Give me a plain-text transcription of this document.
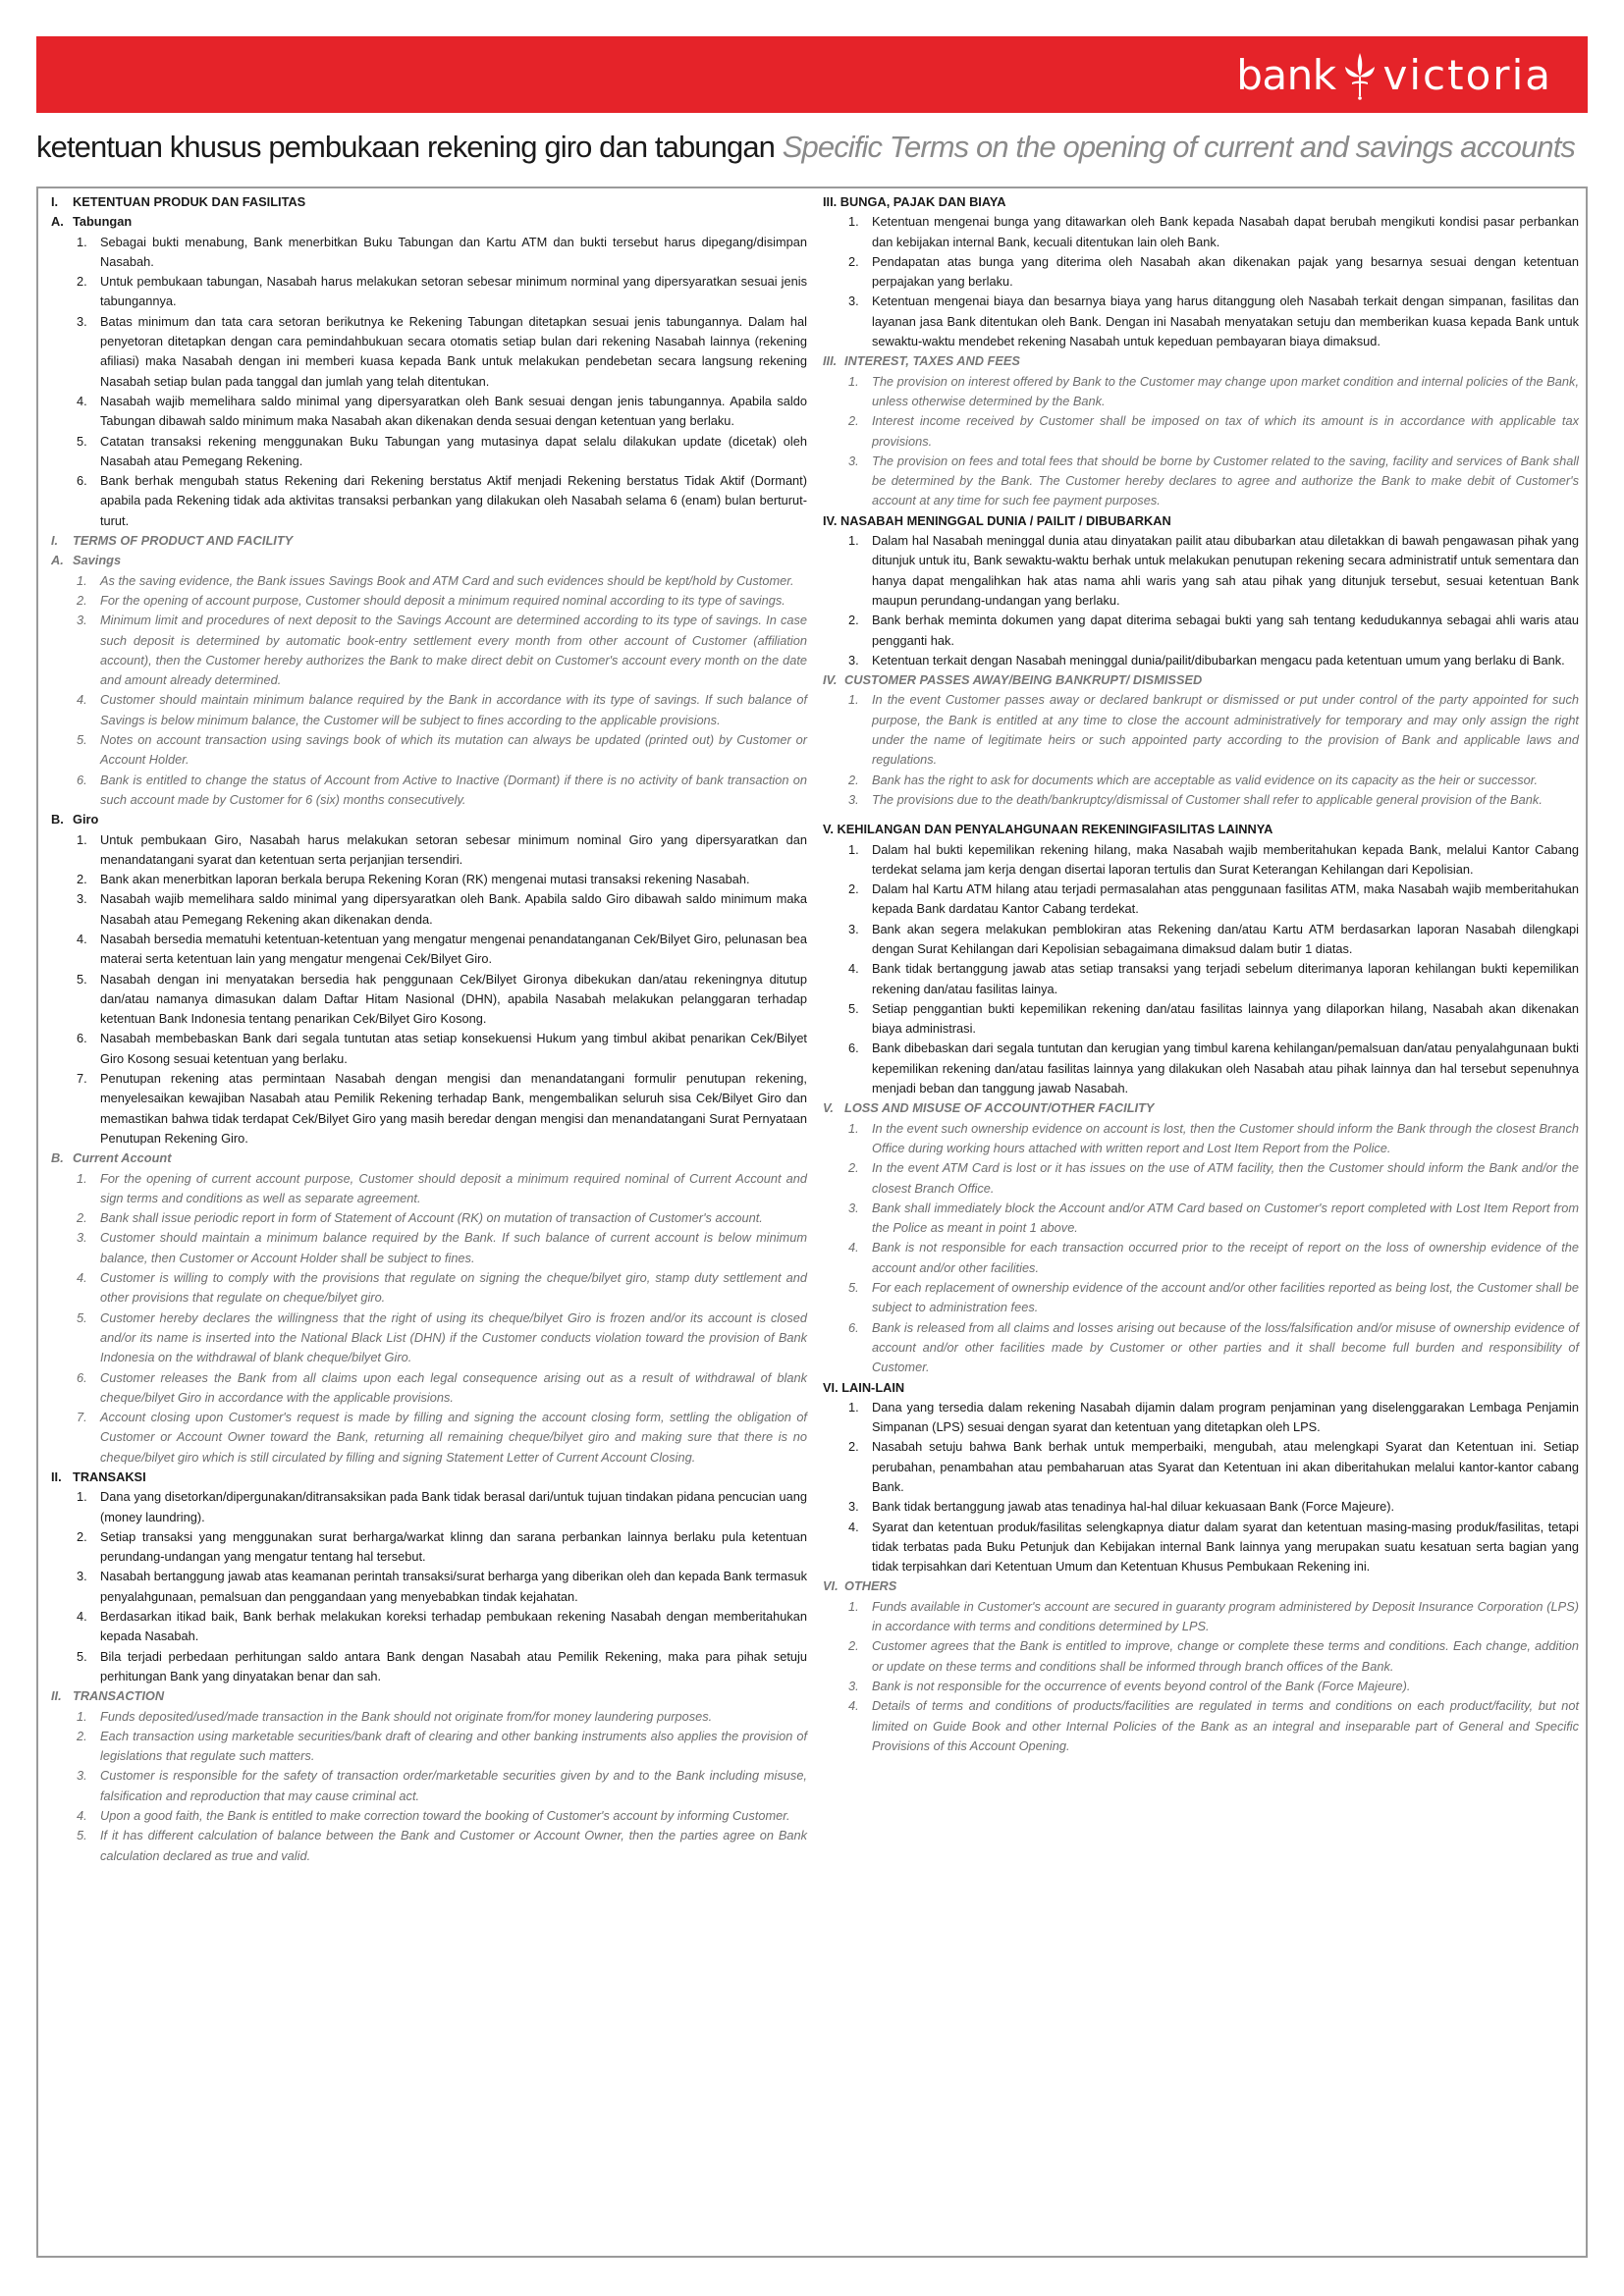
bank victoria
ketentuan khusus pembukaan rekening giro dan tabungan Specific Terms on the opening of current and savings accounts
I. KETENTUAN PRODUK DAN FASILITAS
A. Tabungan
1. Sebagai bukti menabung, Bank menerbitkan Buku Tabungan dan Kartu ATM dan bukti tersebut harus dipegang/disimpan Nasabah.
2. Untuk pembukaan tabungan, Nasabah harus melakukan setoran sebesar minimum norminal yang dipersyaratkan sesuai jenis tabungannya.
3. Batas minimum dan tata cara setoran berikutnya ke Rekening Tabungan ditetapkan sesuai jenis tabungannya. Dalam hal penyetoran ditetapkan dengan cara pemindahbukuan secara otomatis setiap bulan dari rekening Nasabah lainnya (rekening afiliasi) maka Nasabah dengan ini memberi kuasa kepada Bank untuk melakukan pendebetan secara langsung rekening Nasabah setiap bulan pada tanggal dan jumlah yang telah ditentukan.
4. Nasabah wajib memelihara saldo minimal yang dipersyaratkan oleh Bank sesuai dengan jenis tabungannya. Apabila saldo Tabungan dibawah saldo minimum maka Nasabah akan dikenakan denda sesuai dengan ketentuan yang berlaku.
5. Catatan transaksi rekening menggunakan Buku Tabungan yang mutasinya dapat selalu dilakukan update (dicetak) oleh Nasabah atau Pemegang Rekening.
6. Bank berhak mengubah status Rekening dari Rekening berstatus Aktif menjadi Rekening berstatus Tidak Aktif (Dormant) apabila pada Rekening tidak ada aktivitas transaksi perbankan yang dilakukan oleh Nasabah selama 6 (enam) bulan berturut-turut.
I. TERMS OF PRODUCT AND FACILITY
A. Savings
1. As the saving evidence, the Bank issues Savings Book and ATM Card and such evidences should be kept/hold by Customer.
2. For the opening of account purpose, Customer should deposit a minimum required nominal according to its type of savings.
3. Minimum limit and procedures of next deposit to the Savings Account are determined according to its type of savings. In case such deposit is determined by automatic book-entry settlement every month from other account of Customer (affiliation account), then the Customer hereby authorizes the Bank to make direct debit on Customer's account every month on the date and amount already determined.
4. Customer should maintain minimum balance required by the Bank in accordance with its type of savings. If such balance of Savings is below minimum balance, the Customer will be subject to fines according to the applicable provisions.
5. Notes on account transaction using savings book of which its mutation can always be updated (printed out) by Customer or Account Holder.
6. Bank is entitled to change the status of Account from Active to Inactive (Dormant) if there is no activity of bank transaction on such account made by Customer for 6 (six) months consecutively.
B. Giro
1. Untuk pembukaan Giro, Nasabah harus melakukan setoran sebesar minimum nominal Giro yang dipersyaratkan dan menandatangani syarat dan ketentuan serta perjanjian tersendiri.
2. Bank akan menerbitkan laporan berkala berupa Rekening Koran (RK) mengenai mutasi transaksi rekening Nasabah.
3. Nasabah wajib memelihara saldo minimal yang dipersyaratkan oleh Bank. Apabila saldo Giro dibawah saldo minimum maka Nasabah atau Pemegang Rekening akan dikenakan denda.
4. Nasabah bersedia mematuhi ketentuan-ketentuan yang mengatur mengenai penandatanganan Cek/Bilyet Giro, pelunasan bea materai serta ketentuan lain yang mengatur mengenai Cek/Bilyet Giro.
5. Nasabah dengan ini menyatakan bersedia hak penggunaan Cek/Bilyet Gironya dibekukan dan/atau rekeningnya ditutup dan/atau namanya dimasukan dalam Daftar Hitam Nasional (DHN), apabila Nasabah melakukan pelanggaran terhadap ketentuan Bank Indonesia tentang penarikan Cek/Bilyet Giro Kosong.
6. Nasabah membebaskan Bank dari segala tuntutan atas setiap konsekuensi Hukum yang timbul akibat penarikan Cek/Bilyet Giro Kosong sesuai ketentuan yang berlaku.
7. Penutupan rekening atas permintaan Nasabah dengan mengisi dan menandatangani formulir penutupan rekening, menyelesaikan kewajiban Nasabah atau Pemilik Rekening terhadap Bank, mengembalikan seluruh sisa Cek/Bilyet Giro dan memastikan bahwa tidak terdapat Cek/Bilyet Giro yang masih beredar dengan mengisi dan menandatangani Surat Pernyataan Penutupan Rekening Giro.
B. Current Account
1. For the opening of current account purpose, Customer should deposit a minimum required nominal of Current Account and sign terms and conditions as well as separate agreement.
2. Bank shall issue periodic report in form of Statement of Account (RK) on mutation of transaction of Customer's account.
3. Customer should maintain a minimum balance required by the Bank. If such balance of current account is below minimum balance, then Customer or Account Holder shall be subject to fines.
4. Customer is willing to comply with the provisions that regulate on signing the cheque/bilyet giro, stamp duty settlement and other provisions that regulate on cheque/bilyet giro.
5. Customer hereby declares the willingness that the right of using its cheque/bilyet Giro is frozen and/or its account is closed and/or its name is inserted into the National Black List (DHN) if the Customer conducts violation toward the provision of Bank Indonesia on the withdrawal of blank cheque/bilyet Giro.
6. Customer releases the Bank from all claims upon each legal consequence arising out as a result of withdrawal of blank cheque/bilyet Giro in accordance with the applicable provisions.
7. Account closing upon Customer's request is made by filling and signing the account closing form, settling the obligation of Customer or Account Owner toward the Bank, returning all remaining cheque/bilyet giro and making sure that there is no cheque/bilyet giro which is still circulated by filling and signing Statement Letter of Current Account Closing.
II. TRANSAKSI
1. Dana yang disetorkan/dipergunakan/ditransaksikan pada Bank tidak berasal dari/untuk tujuan tindakan pidana pencucian uang (money laundring).
2. Setiap transaksi yang menggunakan surat berharga/warkat klinng dan sarana perbankan lainnya berlaku pula ketentuan perundang-undangan yang mengatur tentang hal tersebut.
3. Nasabah bertanggung jawab atas keamanan perintah transaksi/surat berharga yang diberikan oleh dan kepada Bank termasuk penyalahgunaan, pemalsuan dan penggandaan yang menyebabkan tindak kejahatan.
4. Berdasarkan itikad baik, Bank berhak melakukan koreksi terhadap pembukaan rekening Nasabah dengan memberitahukan kepada Nasabah.
5. Bila terjadi perbedaan perhitungan saldo antara Bank dengan Nasabah atau Pemilik Rekening, maka para pihak setuju perhitungan Bank yang dinyatakan benar dan sah.
II. TRANSACTION
1. Funds deposited/used/made transaction in the Bank should not originate from/for money laundering purposes.
2. Each transaction using marketable securities/bank draft of clearing and other banking instruments also applies the provision of legislations that regulate such matters.
3. Customer is responsible for the safety of transaction order/marketable securities given by and to the Bank including misuse, falsification and reproduction that may cause criminal act.
4. Upon a good faith, the Bank is entitled to make correction toward the booking of Customer's account by informing Customer.
5. If it has different calculation of balance between the Bank and Customer or Account Owner, then the parties agree on Bank calculation declared as true and valid.
III. BUNGA, PAJAK DAN BIAYA
1. Ketentuan mengenai bunga yang ditawarkan oleh Bank kepada Nasabah dapat berubah mengikuti kondisi pasar perbankan dan kebijakan internal Bank, kecuali ditentukan lain oleh Bank.
2. Pendapatan atas bunga yang diterima oleh Nasabah akan dikenakan pajak yang besarnya sesuai dengan ketentuan perpajakan yang berlaku.
3. Ketentuan mengenai biaya dan besarnya biaya yang harus ditanggung oleh Nasabah terkait dengan simpanan, fasilitas dan layanan jasa Bank ditentukan oleh Bank. Dengan ini Nasabah menyatakan setuju dan memberikan kuasa kepada Bank untuk sewaktu-waktu mendebet rekening Nasabah untuk kepeduan pembayaran biaya dimaksud.
III. INTEREST, TAXES AND FEES
1. The provision on interest offered by Bank to the Customer may change upon market condition and internal policies of the Bank, unless otherwise determined by the Bank.
2. Interest income received by Customer shall be imposed on tax of which its amount is in accordance with applicable tax provisions.
3. The provision on fees and total fees that should be borne by Customer related to the saving, facility and services of Bank shall be determined by the Bank. The Customer hereby declares to agree and authorize the Bank to make debit of Customer's account at any time for such fee payment purposes.
IV. NASABAH MENINGGAL DUNIA / PAILIT / DIBUBARKAN
1. Dalam hal Nasabah meninggal dunia atau dinyatakan pailit atau dibubarkan atau diletakkan di bawah pengawasan pihak yang ditunjuk untuk itu, Bank sewaktu-waktu berhak untuk melakukan penutupan rekening secara administratif untuk sementara dan hanya dapat mengalihkan hak atas nama ahli waris yang sah atau pihak yang ditunjuk tersebut, sesuai ketentuan Bank maupun perundang-undangan yang berlaku.
2. Bank berhak meminta dokumen yang dapat diterima sebagai bukti yang sah tentang kedudukannya sebagai ahli waris atau pengganti hak.
3. Ketentuan terkait dengan Nasabah meninggal dunia/pailit/dibubarkan mengacu pada ketentuan umum yang berlaku di Bank.
IV. CUSTOMER PASSES AWAY/BEING BANKRUPT/ DISMISSED
1. In the event Customer passes away or declared bankrupt or dismissed or put under control of the party appointed for such purpose, the Bank is entitled at any time to close the account administratively for temporary and may only assign the right under the name of legitimate heirs or such appointed party according to the provision of Bank and applicable laws and regulations.
2. Bank has the right to ask for documents which are acceptable as valid evidence on its capacity as the heir or successor.
3. The provisions due to the death/bankruptcy/dismissal of Customer shall refer to applicable general provision of the Bank.
V. KEHILANGAN DAN PENYALAHGUNAAN REKENINGIFASILITAS LAINNYA
1. Dalam hal bukti kepemilikan rekening hilang, maka Nasabah wajib memberitahukan kepada Bank, melalui Kantor Cabang terdekat selama jam kerja dengan disertai laporan tertulis dan Surat Keterangan Kehilangan dari Kepolisian.
2. Dalam hal Kartu ATM hilang atau terjadi permasalahan atas penggunaan fasilitas ATM, maka Nasabah wajib memberitahukan kepada Bank dardatau Kantor Cabang terdekat.
3. Bank akan segera melakukan pemblokiran atas Rekening dan/atau Kartu ATM berdasarkan laporan Nasabah dilengkapi dengan Surat Kehilangan dari Kepolisian sebagaimana dimaksud dalam butir 1 diatas.
4. Bank tidak bertanggung jawab atas setiap transaksi yang terjadi sebelum diterimanya laporan kehilangan bukti kepemilikan rekening dan/atau fasilitas lainya.
5. Setiap penggantian bukti kepemilikan rekening dan/atau fasilitas lainnya yang dilaporkan hilang, Nasabah akan dikenakan biaya administrasi.
6. Bank dibebaskan dari segala tuntutan dan kerugian yang timbul karena kehilangan/pemalsuan dan/atau penyalahgunaan bukti kepemilikan rekening dan/atau fasilitas lainnya yang dilakukan oleh Nasabah atau pihak lainnya dan hal tersebut sepenuhnya menjadi beban dan tanggung jawab Nasabah.
V. LOSS AND MISUSE OF ACCOUNT/OTHER FACILITY
1. In the event such ownership evidence on account is lost, then the Customer should inform the Bank through the closest Branch Office during working hours attached with written report and Lost Item Report from the Police.
2. In the event ATM Card is lost or it has issues on the use of ATM facility, then the Customer should inform the Bank and/or the closest Branch Office.
3. Bank shall immediately block the Account and/or ATM Card based on Customer's report completed with Lost Item Report from the Police as meant in point 1 above.
4. Bank is not responsible for each transaction occurred prior to the receipt of report on the loss of ownership evidence of the account and/or other facilities.
5. For each replacement of ownership evidence of the account and/or other facilities reported as being lost, the Customer shall be subject to administration fees.
6. Bank is released from all claims and losses arising out because of the loss/falsification and/or misuse of ownership evidence of account and/or other facilities made by Customer or other parties and it shall become full burden and responsibility of Customer.
VI. LAIN-LAIN
1. Dana yang tersedia dalam rekening Nasabah dijamin dalam program penjaminan yang diselenggarakan Lembaga Penjamin Simpanan (LPS) sesuai dengan syarat dan ketentuan yang ditetapkan oleh LPS.
2. Nasabah setuju bahwa Bank berhak untuk memperbaiki, mengubah, atau melengkapi Syarat dan Ketentuan ini. Setiap perubahan, penambahan atau pembaharuan atas Syarat dan Ketentuan ini akan diberitahukan melalui kantor-kantor cabang Bank.
3. Bank tidak bertanggung jawab atas tenadinya hal-hal diluar kekuasaan Bank (Force Majeure).
4. Syarat dan ketentuan produk/fasilitas selengkapnya diatur dalam syarat dan ketentuan masing-masing produk/fasilitas, tetapi tidak terbatas pada Buku Petunjuk dan Kebijakan internal Bank lainnya yang merupakan suatu kesatuan serta bagian yang tidak terpisahkan dari Ketentuan Umum dan Ketentuan Khusus Pembukaan Rekening ini.
VI. OTHERS
1. Funds available in Customer's account are secured in guaranty program administered by Deposit Insurance Corporation (LPS) in accordance with terms and conditions determined by LPS.
2. Customer agrees that the Bank is entitled to improve, change or complete these terms and conditions. Each change, addition or update on these terms and conditions shall be informed through branch offices of the Bank.
3. Bank is not responsible for the occurrence of events beyond control of the Bank (Force Majeure).
4. Details of terms and conditions of products/facilities are regulated in terms and conditions on each product/facility, but not limited on Guide Book and other Internal Policies of the Bank as an integral and inseparable part of General and Specific Provisions of this Account Opening.
